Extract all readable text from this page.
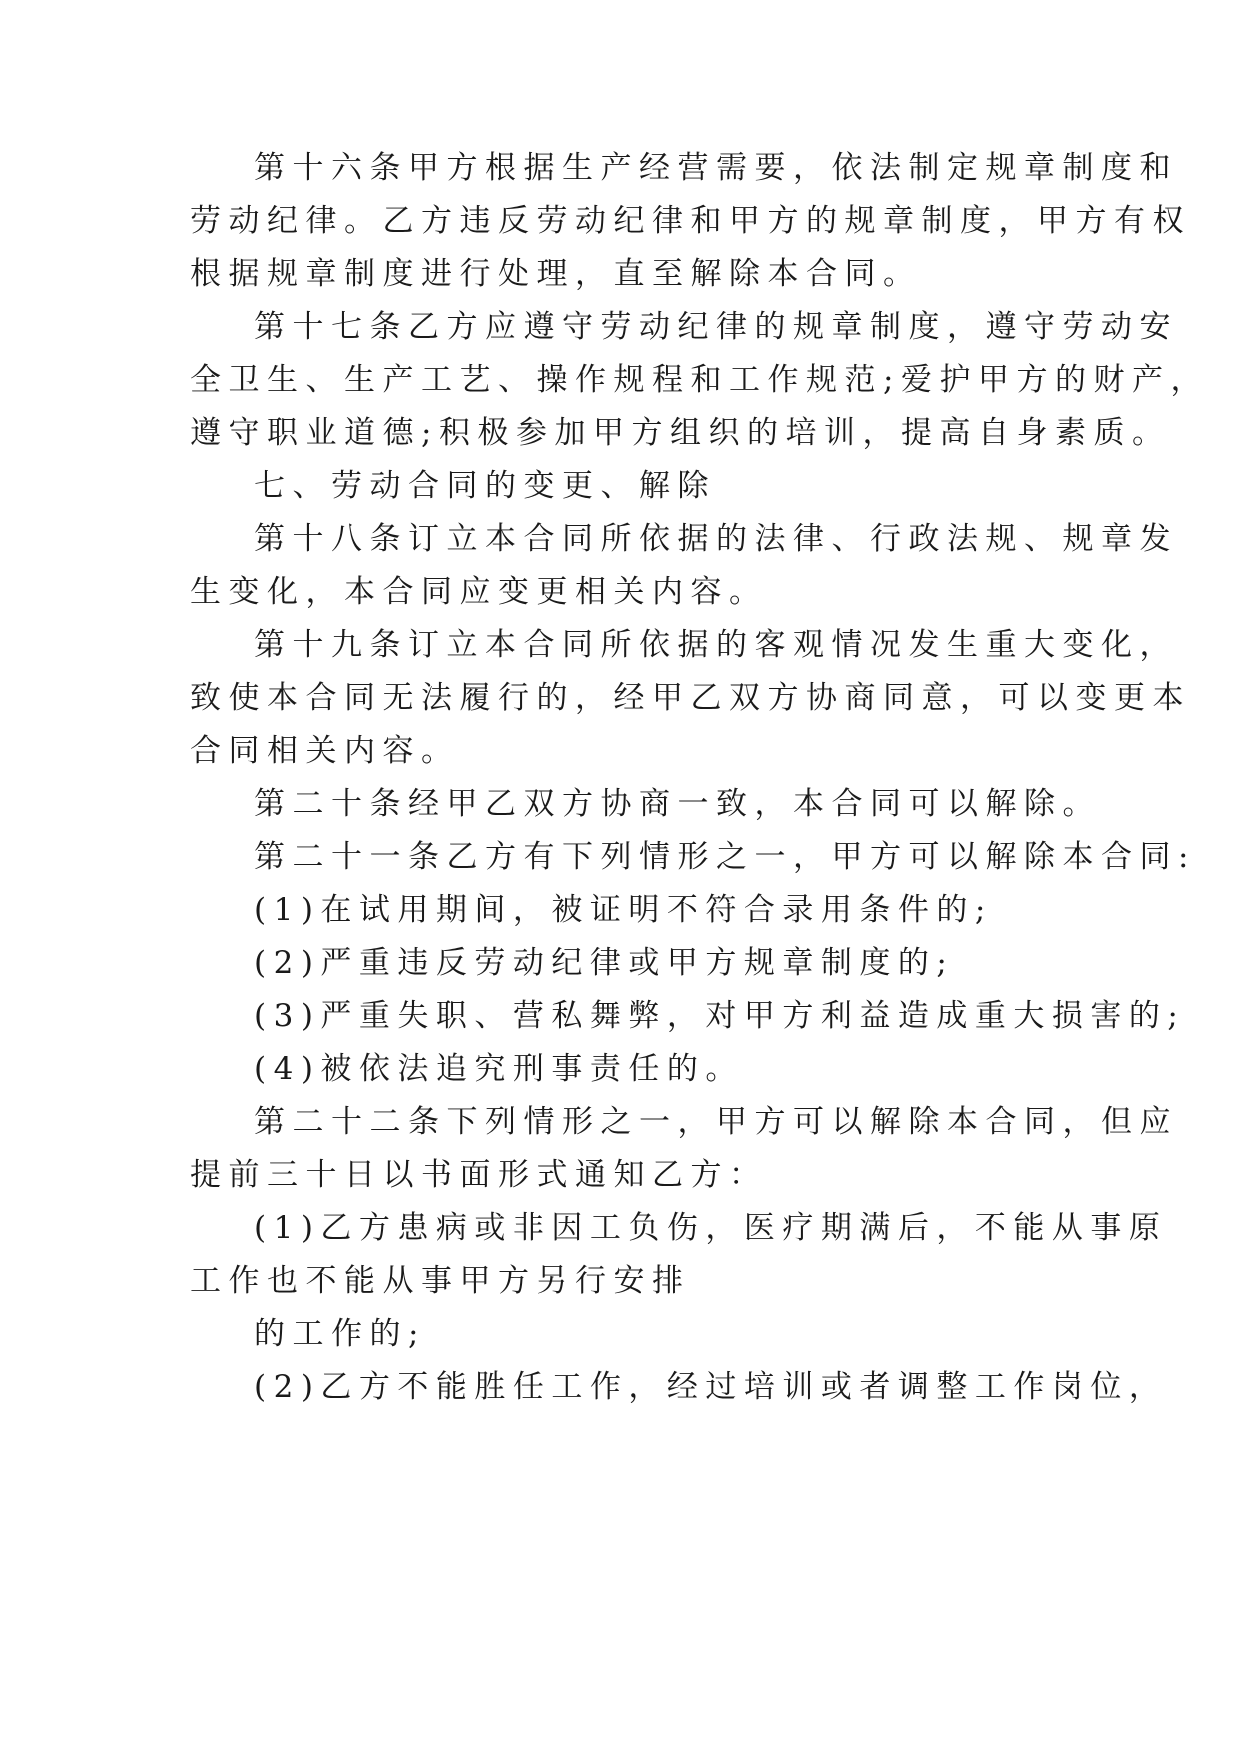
第十六条甲方根据生产经营需要，依法制定规章制度和
劳动纪律。乙方违反劳动纪律和甲方的规章制度，甲方有权
根据规章制度进行处理，直至解除本合同。
第十七条乙方应遵守劳动纪律的规章制度，遵守劳动安
全卫生、生产工艺、操作规程和工作规范;爱护甲方的财产，
遵守职业道德;积极参加甲方组织的培训，提高自身素质。
七、劳动合同的变更、解除
第十八条订立本合同所依据的法律、行政法规、规章发
生变化，本合同应变更相关内容。
第十九条订立本合同所依据的客观情况发生重大变化，
致使本合同无法履行的，经甲乙双方协商同意，可以变更本
合同相关内容。
第二十条经甲乙双方协商一致，本合同可以解除。
第二十一条乙方有下列情形之一，甲方可以解除本合同:
(1)在试用期间，被证明不符合录用条件的;
(2)严重违反劳动纪律或甲方规章制度的;
(3)严重失职、营私舞弊，对甲方利益造成重大损害的;
(4)被依法追究刑事责任的。
第二十二条下列情形之一，甲方可以解除本合同，但应
提前三十日以书面形式通知乙方：
(1)乙方患病或非因工负伤，医疗期满后，不能从事原
工作也不能从事甲方另行安排
的工作的;
(2)乙方不能胜任工作，经过培训或者调整工作岗位，
